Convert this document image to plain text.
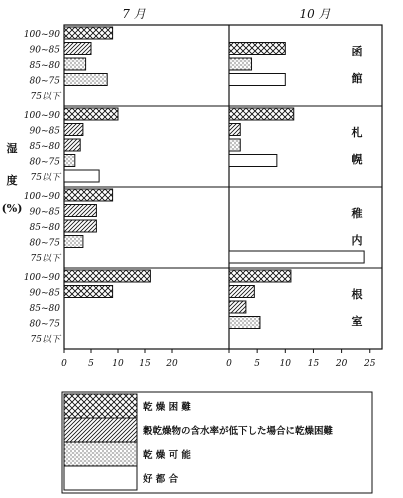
7 月	10 月
湿
度
(%)
100~90
90~85
85~80
80~75
75以下
100~90
90~85
85~80
80~75
75以下
100~90
90~85
85~80
80~75
75以下
100~90
90~85
85~80
80~75
75以下
函
館
札
幌
稚
内
根
室
0 5 10 15 20	0 5 10 15 20 25
乾 燥 困 難
穀乾燥物の含水率が低下した場合に乾燥困難
乾 燥 可 能
好 都 合
